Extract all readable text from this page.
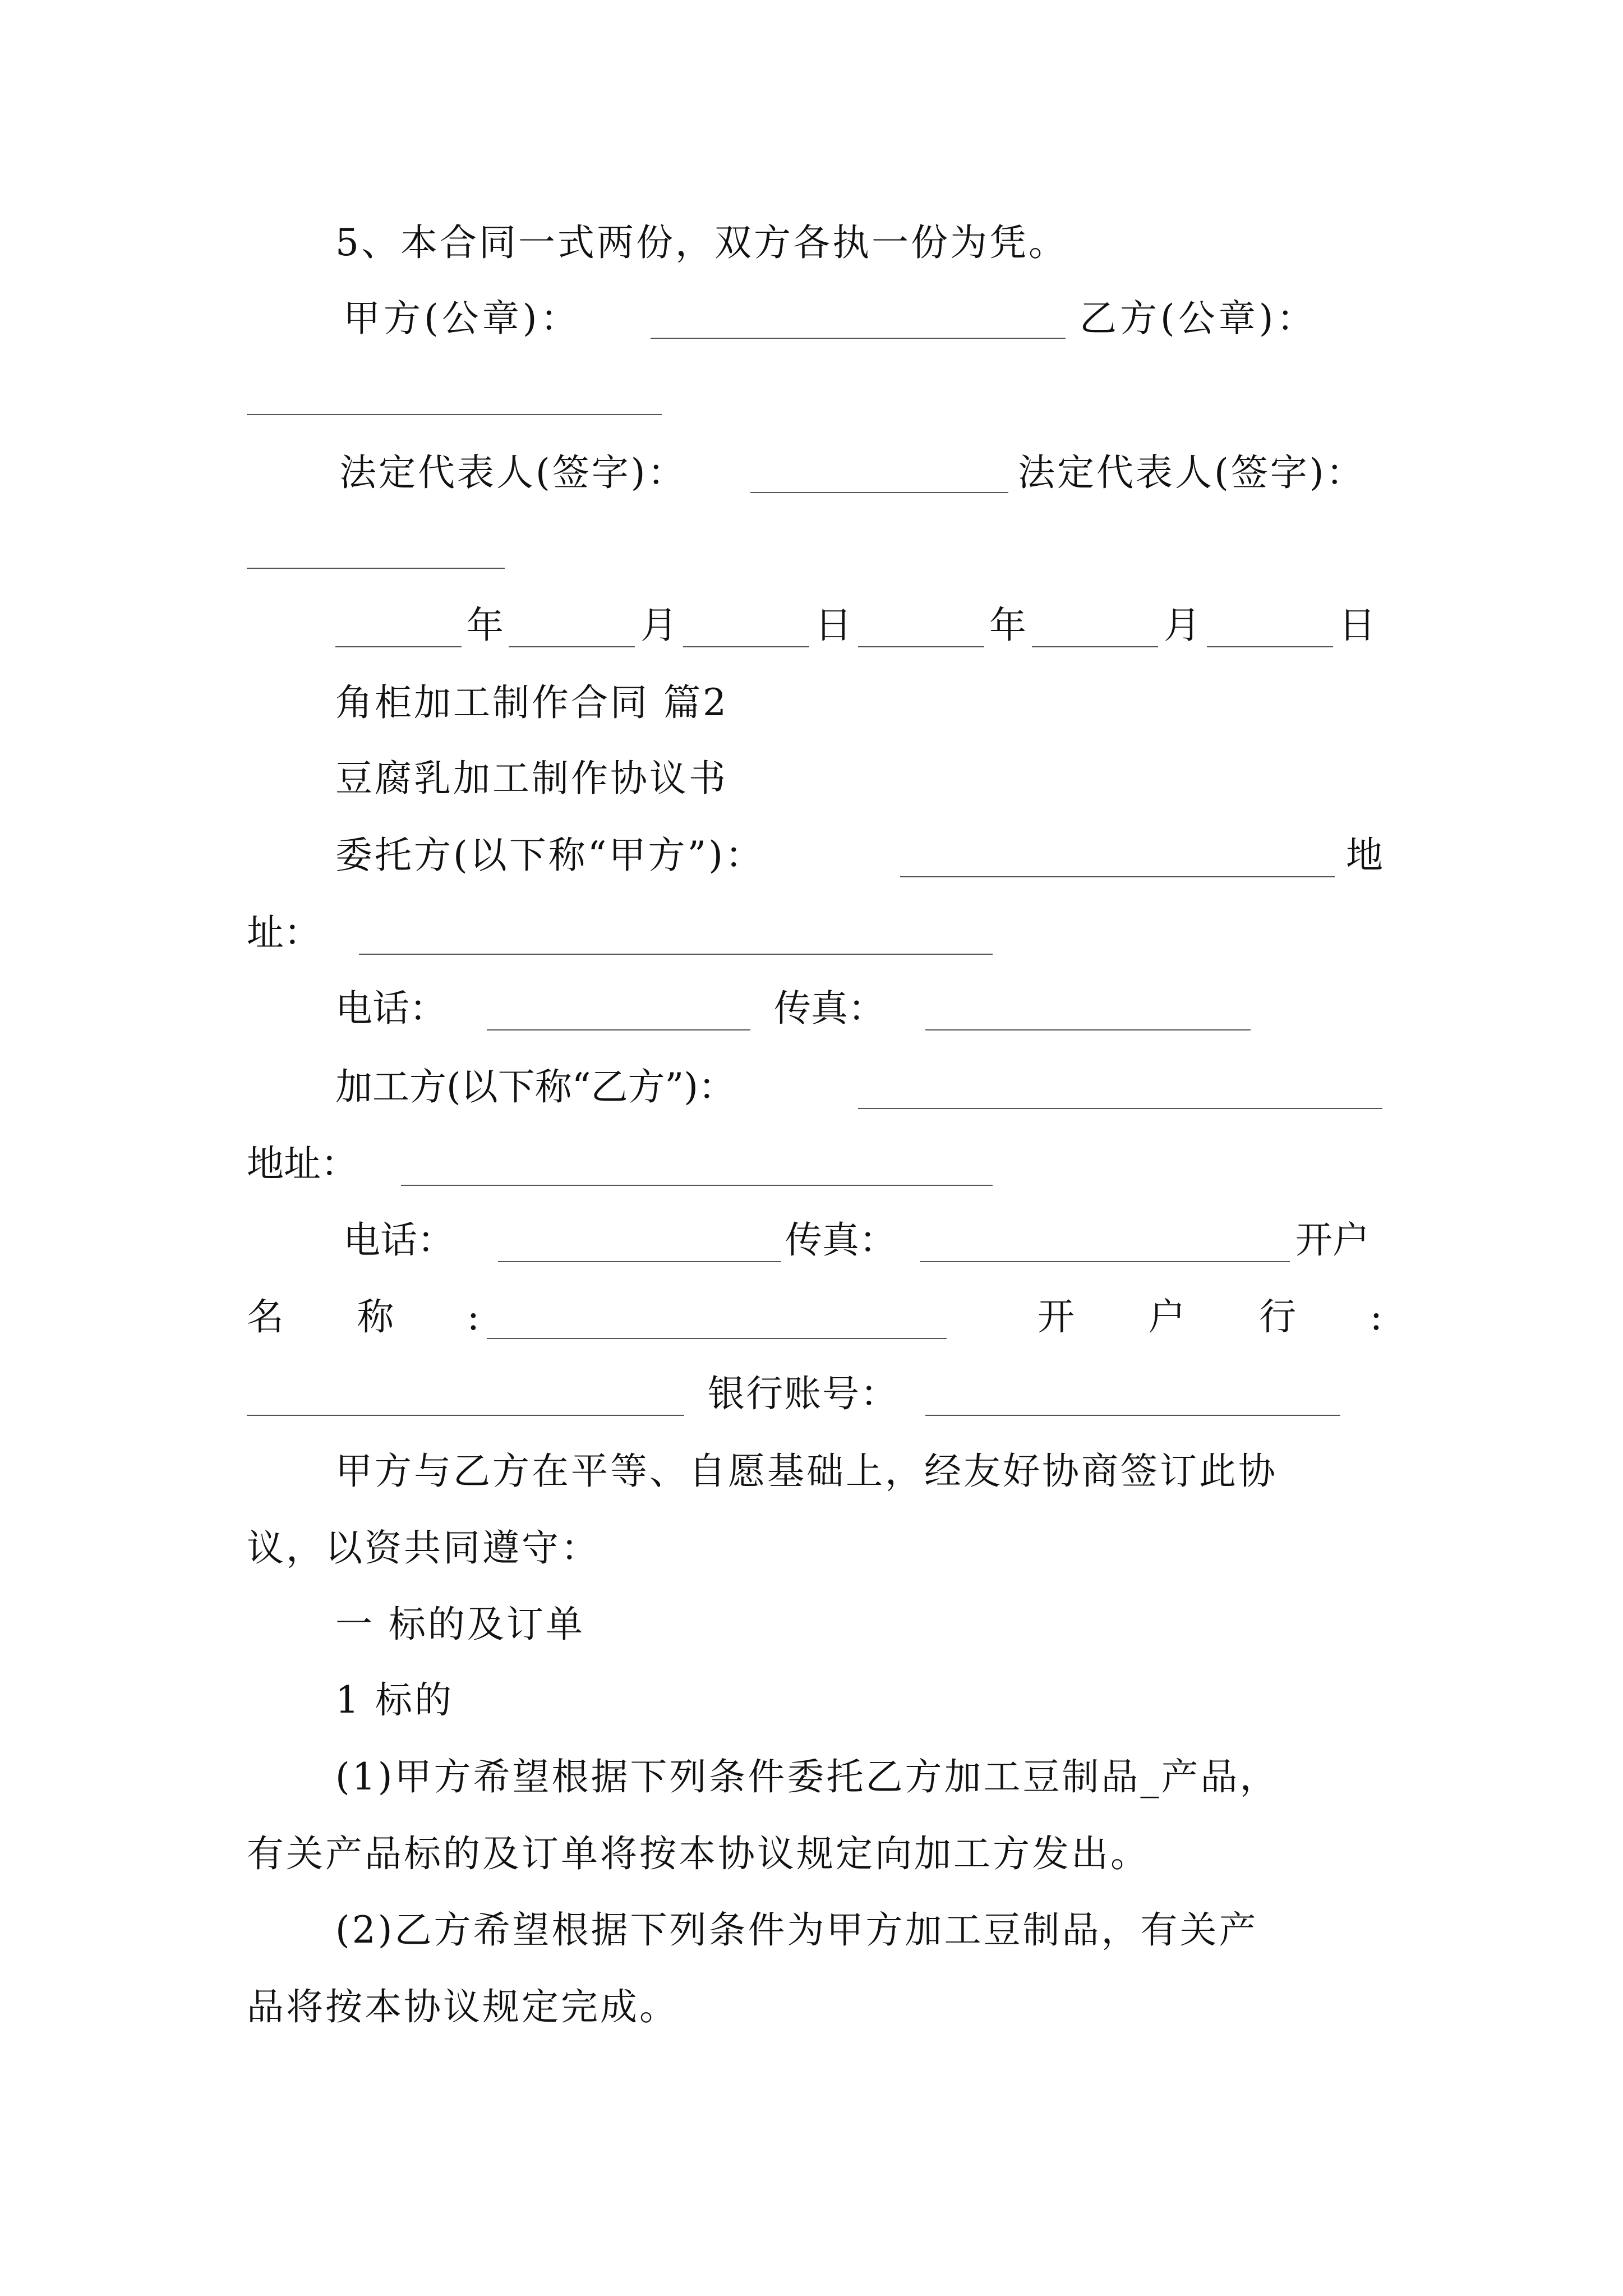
5、本合同一式两份，双方各执一份为凭。
甲方(公章)：	乙方(公章)：
法定代表人(签字)：	法定代表人(签字)：
年	月	日	年	月	日
角柜加工制作合同 篇2
豆腐乳加工制作协议书
委托方(以下称“甲方”)：	地
址：
电话：	传真：
加工方(以下称“乙方”)：
地址：
电话：	传真：	开户
名 称 :	开 户 行 :
银行账号：
甲方与乙方在平等、自愿基础上，经友好协商签订此协
议，以资共同遵守：
一 标的及订单
1 标的
(1)甲方希望根据下列条件委托乙方加工豆制品_产品，
有关产品标的及订单将按本协议规定向加工方发出。
(2)乙方希望根据下列条件为甲方加工豆制品，有关产
品将按本协议规定完成。
